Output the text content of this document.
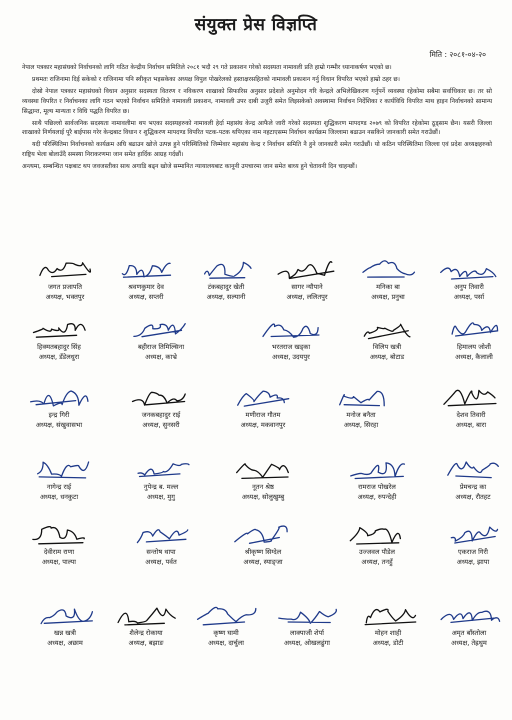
संयुक्त प्रेस विज्ञप्ति
मिति : २०८१-०४-२०

नेपाल पत्रकार महासंघको निर्वाचनको लागि गठित केन्द्रीय निर्वाचन समितिले २०८१ भदौ २९ गते प्रकाशन गरेको सदस्यता नामावली प्रति हाम्रो गम्भीर ध्यानाकर्षण भएको छ।

प्रथमतः राजिनामा दिई सकेको र राजिनामा पनि स्वीकृत भइसकेका अध्यक्ष विपुल पोखरेलको हस्ताक्षरसहितको नामावली प्रकाशन गर्नु विधान विपरित भएको हाम्रो ठहर छ।

दोस्रो नेपाल पत्रकार महासंघको विधान अनुसार सदस्यता वितरण र नविकरण शाखाको सिफारिस अनुसार प्रदेशले अनुमोदन गरि केन्द्रले अभिलेखिकरण गर्नुपर्ने व्यवस्था रहेकोमा सबैमा सर्वाधिकार छ। तर सो व्यवस्था विपरित र निर्वाचनका लागि गठन भएको निर्वाचन समितिले नामावली प्रकाशन, नामावली उपर दाबी उजुरी समेत लिइसकेको अवस्थामा निर्वाचन निर्देशिका र कार्यविधि विपरित माथ हाइन निर्वाचनको सामान्य सिद्धान्त, मूल्य मान्यता र विधि पद्धति विपरित छ।

साथै पछिल्लो सार्वजनिक सदस्यता नामावलीमा थप भएका सदस्यहरुको नामावली हेर्दा महासंघ केन्द्र आफैले जारी गरेको सदस्यता शुद्धिकरण मापदण्ड २०७९ को विपरित रहेकोमा ठूड्साम छैन। यसरी जिल्ला शाखाको निर्णयलाई पूरै बाईपास गरेर केन्द्रबाट विधान र शुद्धिकरण मापदण्ड विपरित पटक-पटक थपिएका नाम नहटाएसम्म निर्वाचन कार्यक्रम जिल्लामा बढाउन नसकिने जानकारी समेत गराउँछौं।

यदी परिस्थितिमा निर्वाचनको कार्यक्रम अघि बढाउन खोजे उत्पन्न हुने परिस्थितिको जिम्मेवार महासंघ केन्द्र र निर्वाचन समिति नै हुने जानकारी समेत गराउँछौं। यो कठिन परिस्थितिमा जिल्ला एवं प्रदेश अध्यक्षहरुको राष्ट्रिय भेला बोलाउँदै समस्या निराकरणमा जान समेत हार्दिक आग्रह गर्दछौं।

अन्त्यमा, सम्बन्धित पक्षबाट थप जवजस्तीका साथ अगाडि बढ्न खोजे सम्मानित न्यायालयबाट कानूनी उपचारमा जान समेत बाध्य हुने चेतावनी दिन चाहन्छौं।

जगत प्रजापति
अध्यक्ष, भक्तपुर
श्रवणकुमार देव
अध्यक्ष, सप्तरी
टंकबहादुर खेती
अध्यक्ष, सल्यानी
सागर न्यौपाने
अध्यक्ष, ललितपुर
मनिका बा
अध्यक्ष, प्रनुचा
अनुप तिवारी
अध्यक्ष, पर्सा
हिक्मतबहादुर सिंह
अध्यक्ष, डँडेलधुरा
बहीराज तिमिल्सिना
अध्यक्ष, काभ्रे
भरतराज खड्का
अध्यक्ष, उदयपुर
विलिप खत्री
अध्यक्ष, बोटाड
हिमालय जोशी
अध्यक्ष, कैलाली
इन्द्र गिरी
अध्यक्ष, संखुवासभा
जनकबहादुर राई
अध्यक्ष, सुनसरी
मणीराज गौतम
अध्यक्ष, मकवानपुर
मनोज बनैता
अध्यक्ष, सिरहा
देशव तिवारी
अध्यक्ष, बारा
नागेन्द्र राई
अध्यक्ष, धनकुटा
नुपेन्द्र ब. मल्ल
अध्यक्ष, मुगु
नूतन श्रेष्ठ
अध्यक्ष, सोलुखुम्बु
रामराज पोखरेल
अध्यक्ष, रुपन्देही
प्रेमचन्द्र का
अध्यक्ष, रौतहट
देवीराम राणा
अध्यक्ष, पाल्पा
सन्तोष थापा
अध्यक्ष, पर्वत
श्रीकृष्ण सिग्देल
अध्यक्ष, स्याङ्जा
उज्जवल पौडेल
अध्यक्ष, तनहुँ
एकराज गिरी
अध्यक्ष, झापा
खन्न खत्री
अध्यक्ष, अछाम
शैलेन्द्र रोकाया
अध्यक्ष, बझाङ
कृष्ण घामी
अध्यक्ष, दार्चुला
लाक्पाजी शेर्पा
अध्यक्ष, ओखलढुंगा
मोहन शाही
अध्यक्ष, डोटी
अमृत बाँस्तोला
अध्यक्ष, तेह्रथुम
